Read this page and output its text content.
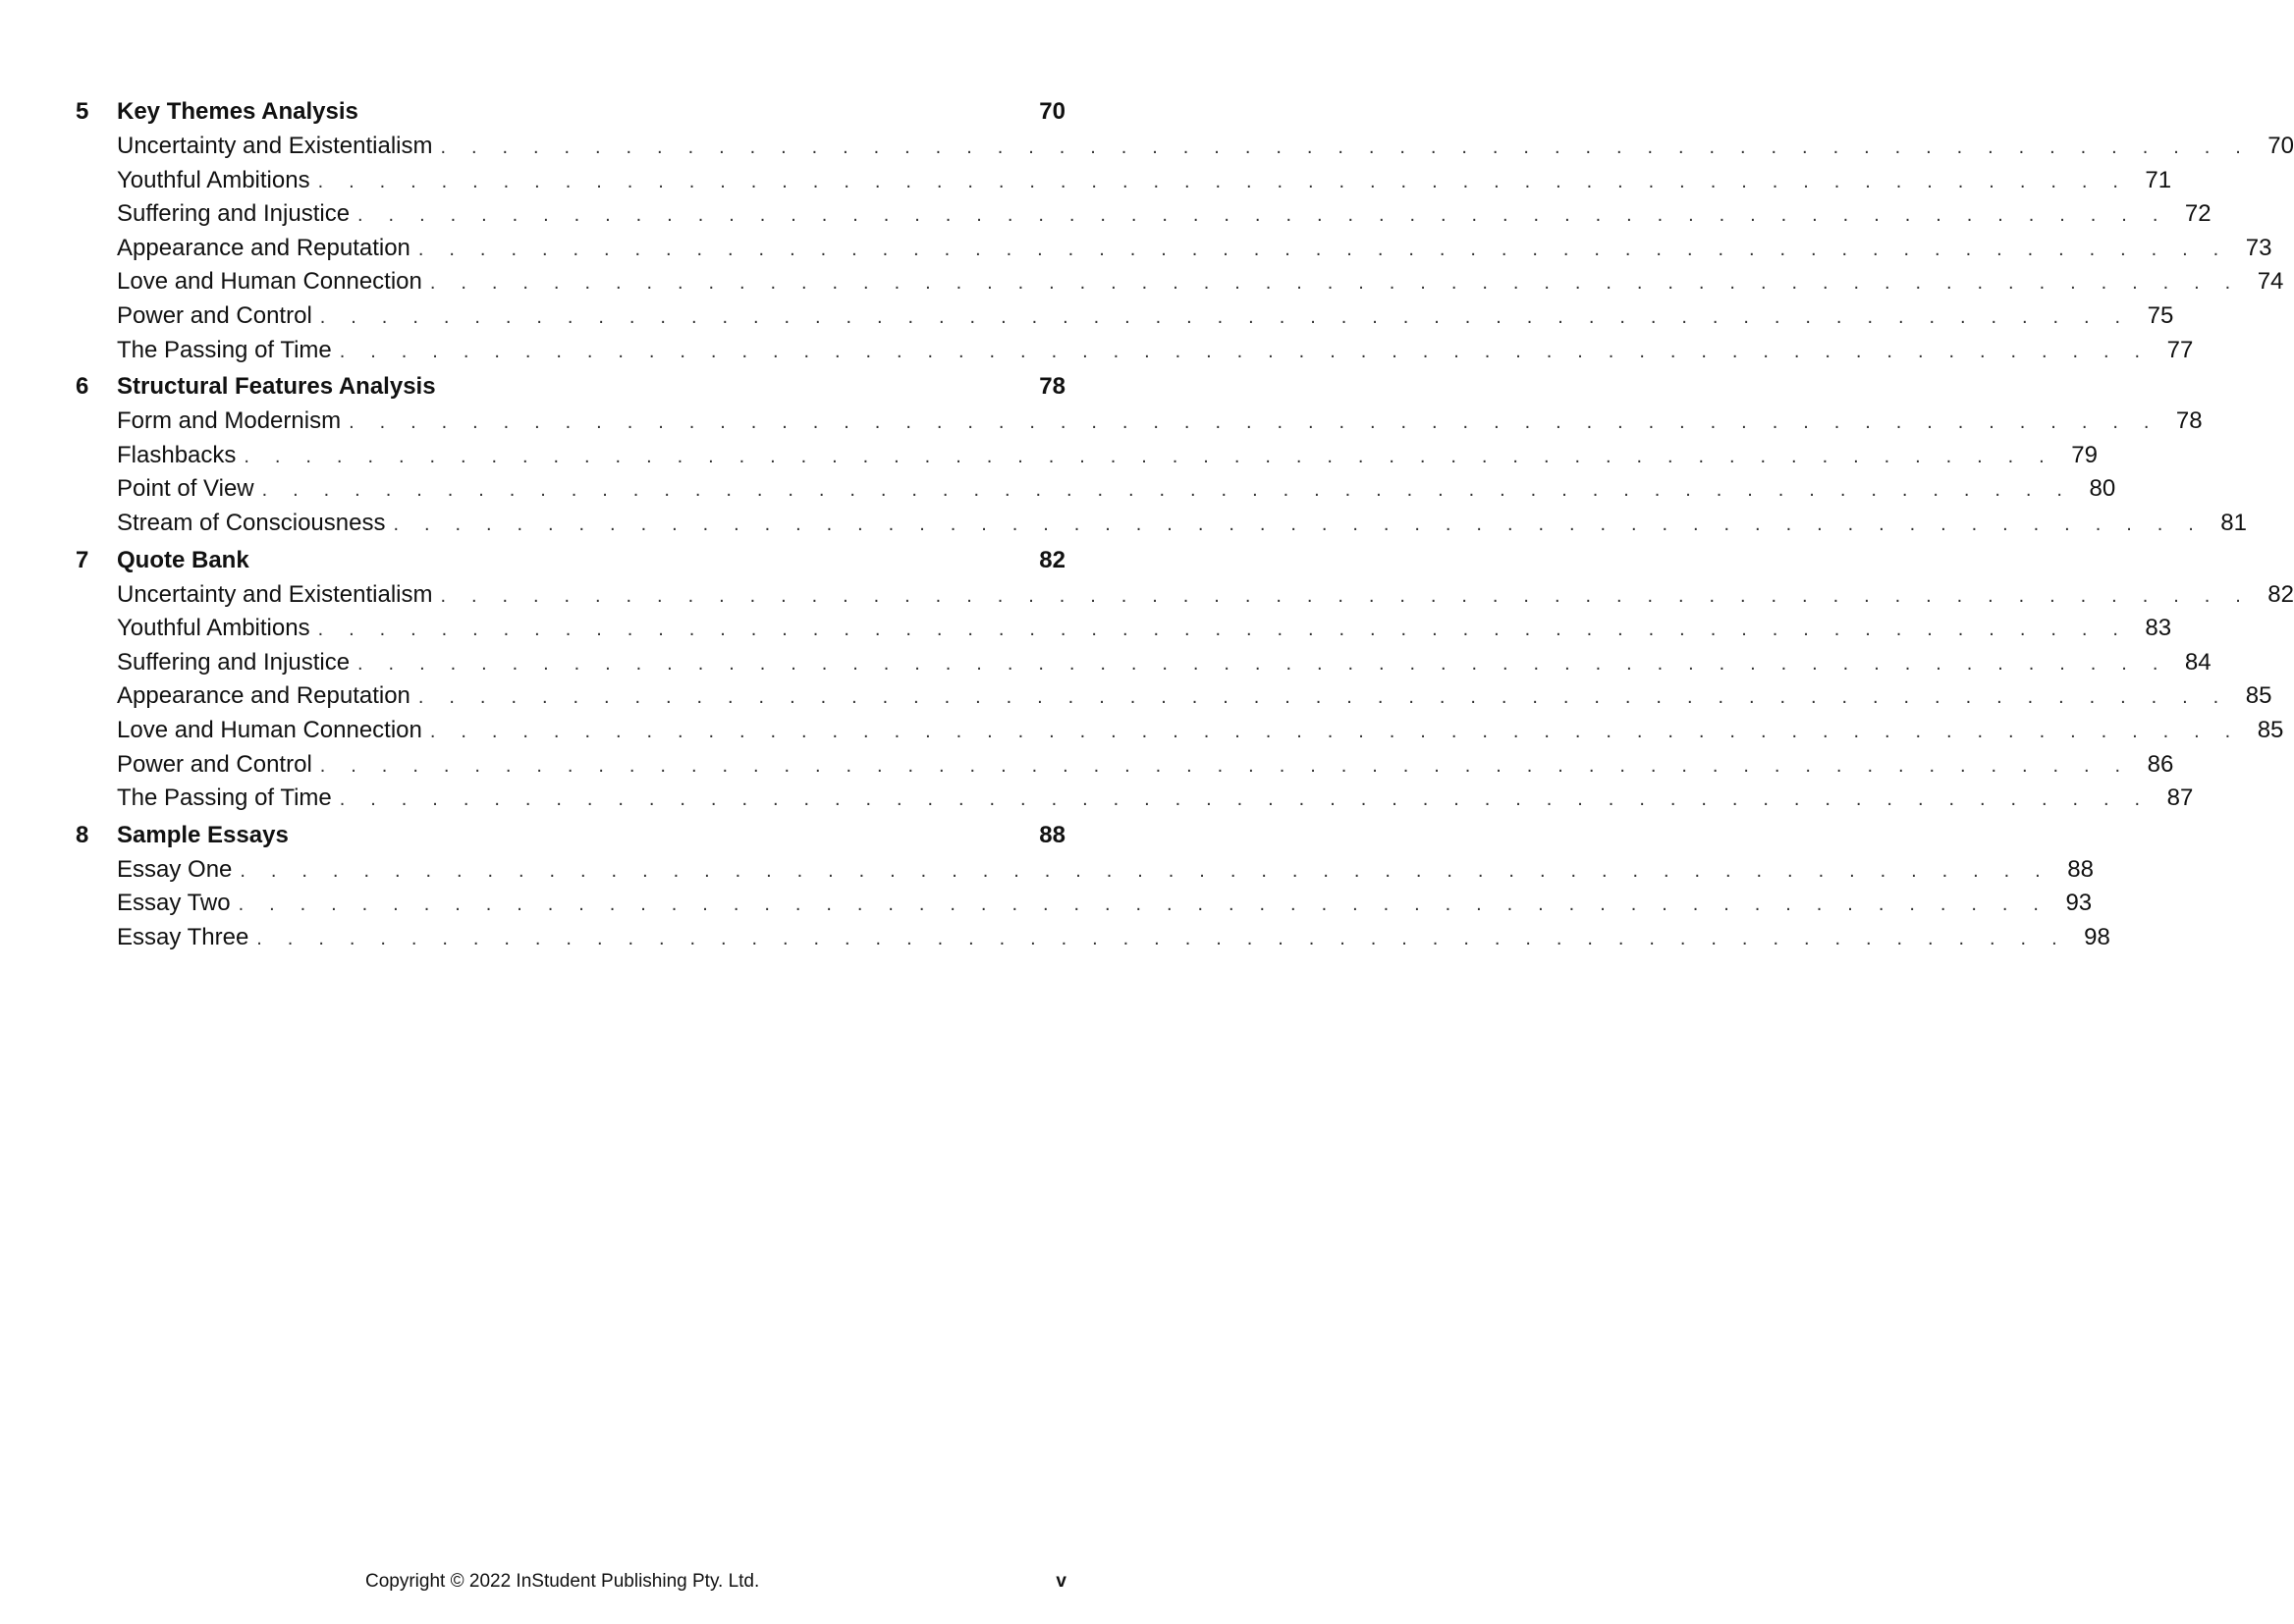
5	Key Themes Analysis	70
Uncertainty and Existentialism . . . . . . . . . . . . . . . . . . . . . . . . . . . . . . . . . . . . . . . . . . . . . . . . . . . . . . . . . . . 70
Youthful Ambitions . . . . . . . . . . . . . . . . . . . . . . . . . . . . . . . . . . . . . . . . . . . . . . . . . . . . . . . . . . . 71
Suffering and Injustice . . . . . . . . . . . . . . . . . . . . . . . . . . . . . . . . . . . . . . . . . . . . . . . . . . . . . . . . . . . 72
Appearance and Reputation . . . . . . . . . . . . . . . . . . . . . . . . . . . . . . . . . . . . . . . . . . . . . . . . . . . . . . . . . . . 73
Love and Human Connection . . . . . . . . . . . . . . . . . . . . . . . . . . . . . . . . . . . . . . . . . . . . . . . . . . . . . . . . . . . 74
Power and Control . . . . . . . . . . . . . . . . . . . . . . . . . . . . . . . . . . . . . . . . . . . . . . . . . . . . . . . . . . . 75
The Passing of Time . . . . . . . . . . . . . . . . . . . . . . . . . . . . . . . . . . . . . . . . . . . . . . . . . . . . . . . . . . . 77
6	Structural Features Analysis	78
Form and Modernism . . . . . . . . . . . . . . . . . . . . . . . . . . . . . . . . . . . . . . . . . . . . . . . . . . . . . . . . . . . 78
Flashbacks . . . . . . . . . . . . . . . . . . . . . . . . . . . . . . . . . . . . . . . . . . . . . . . . . . . . . . . . . . . 79
Point of View . . . . . . . . . . . . . . . . . . . . . . . . . . . . . . . . . . . . . . . . . . . . . . . . . . . . . . . . . . . 80
Stream of Consciousness . . . . . . . . . . . . . . . . . . . . . . . . . . . . . . . . . . . . . . . . . . . . . . . . . . . . . . . . . . . 81
7	Quote Bank	82
Uncertainty and Existentialism . . . . . . . . . . . . . . . . . . . . . . . . . . . . . . . . . . . . . . . . . . . . . . . . . . . . . . . . . . . 82
Youthful Ambitions . . . . . . . . . . . . . . . . . . . . . . . . . . . . . . . . . . . . . . . . . . . . . . . . . . . . . . . . . . . 83
Suffering and Injustice . . . . . . . . . . . . . . . . . . . . . . . . . . . . . . . . . . . . . . . . . . . . . . . . . . . . . . . . . . . 84
Appearance and Reputation . . . . . . . . . . . . . . . . . . . . . . . . . . . . . . . . . . . . . . . . . . . . . . . . . . . . . . . . . . . 85
Love and Human Connection . . . . . . . . . . . . . . . . . . . . . . . . . . . . . . . . . . . . . . . . . . . . . . . . . . . . . . . . . . . 85
Power and Control . . . . . . . . . . . . . . . . . . . . . . . . . . . . . . . . . . . . . . . . . . . . . . . . . . . . . . . . . . . 86
The Passing of Time . . . . . . . . . . . . . . . . . . . . . . . . . . . . . . . . . . . . . . . . . . . . . . . . . . . . . . . . . . . 87
8	Sample Essays	88
Essay One . . . . . . . . . . . . . . . . . . . . . . . . . . . . . . . . . . . . . . . . . . . . . . . . . . . . . . . . . . . 88
Essay Two . . . . . . . . . . . . . . . . . . . . . . . . . . . . . . . . . . . . . . . . . . . . . . . . . . . . . . . . . . . 93
Essay Three . . . . . . . . . . . . . . . . . . . . . . . . . . . . . . . . . . . . . . . . . . . . . . . . . . . . . . . . . . . 98
Copyright © 2022 InStudent Publishing Pty. Ltd.	v
